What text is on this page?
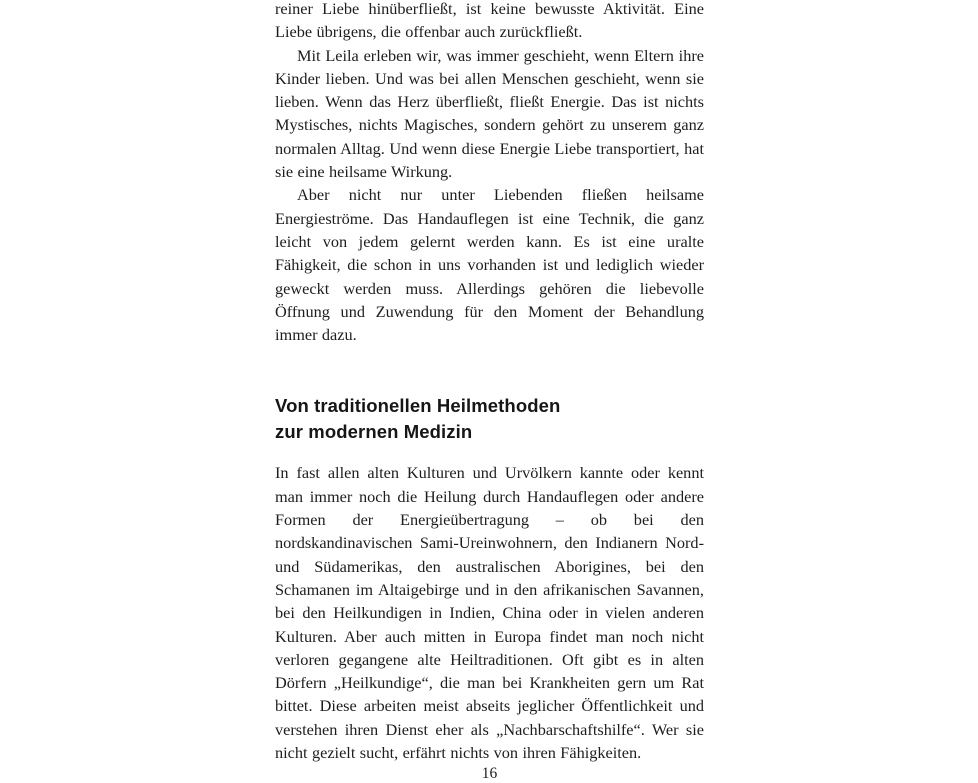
reiner Liebe hinüberfließt, ist keine bewusste Aktivität. Eine Liebe übrigens, die offenbar auch zurückfließt.

Mit Leila erleben wir, was immer geschieht, wenn Eltern ihre Kinder lieben. Und was bei allen Menschen geschieht, wenn sie lieben. Wenn das Herz überfließt, fließt Energie. Das ist nichts Mystisches, nichts Magisches, sondern gehört zu unserem ganz normalen Alltag. Und wenn diese Energie Liebe transportiert, hat sie eine heilsame Wirkung.

Aber nicht nur unter Liebenden fließen heilsame Energieströme. Das Handauflegen ist eine Technik, die ganz leicht von jedem gelernt werden kann. Es ist eine uralte Fähigkeit, die schon in uns vorhanden ist und lediglich wieder geweckt werden muss. Allerdings gehören die liebevolle Öffnung und Zuwendung für den Moment der Behandlung immer dazu.

Von traditionellen Heilmethoden
zur modernen Medizin

In fast allen alten Kulturen und Urvölkern kannte oder kennt man immer noch die Heilung durch Handauflegen oder andere Formen der Energieübertragung – ob bei den nordskandinavischen Sami-Ureinwohnern, den Indianern Nord- und Südamerikas, den australischen Aborigines, bei den Schamanen im Altaigebirge und in den afrikanischen Savannen, bei den Heilkundigen in Indien, China oder in vielen anderen Kulturen. Aber auch mitten in Europa findet man noch nicht verloren gegangene alte Heiltraditionen. Oft gibt es in alten Dörfern „Heilkundige“, die man bei Krankheiten gern um Rat bittet. Diese arbeiten meist abseits jeglicher Öffentlichkeit und verstehen ihren Dienst eher als „Nachbarschaftshilfe“. Wer sie nicht gezielt sucht, erfährt nichts von ihren Fähigkeiten.

16
